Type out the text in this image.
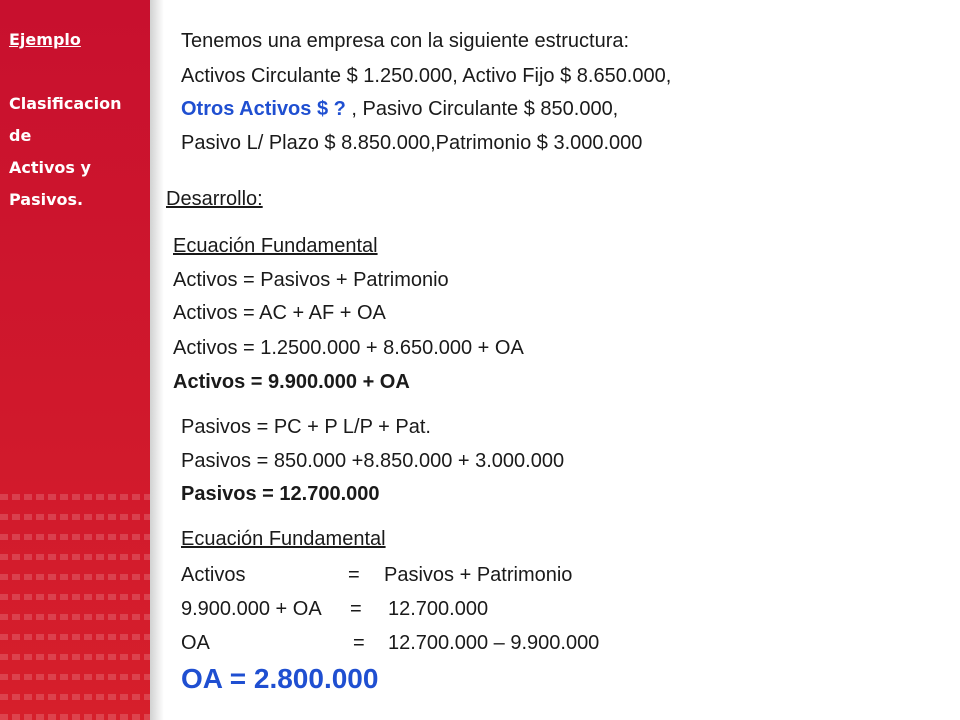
Ejemplo
Clasificacion
de
Activos y
Pasivos.
Tenemos una empresa con la siguiente estructura:
Activos Circulante $ 1.250.000, Activo Fijo $ 8.650.000,
Otros Activos $ ? , Pasivo Circulante $ 850.000,
Pasivo L/ Plazo $ 8.850.000,Patrimonio $ 3.000.000
Desarrollo:
Ecuación Fundamental
Activos = Pasivos + Patrimonio
Activos = AC + AF + OA
Activos = 1.2500.000 + 8.650.000 + OA
Activos = 9.900.000 + OA
Pasivos = PC + P L/P + Pat.
Pasivos = 850.000 +8.850.000 + 3.000.000
Pasivos = 12.700.000
Ecuación Fundamental
Activos	= Pasivos + Patrimonio
9.900.000 + OA = 12.700.000
OA	= 12.700.000 – 9.900.000
OA = 2.800.000
